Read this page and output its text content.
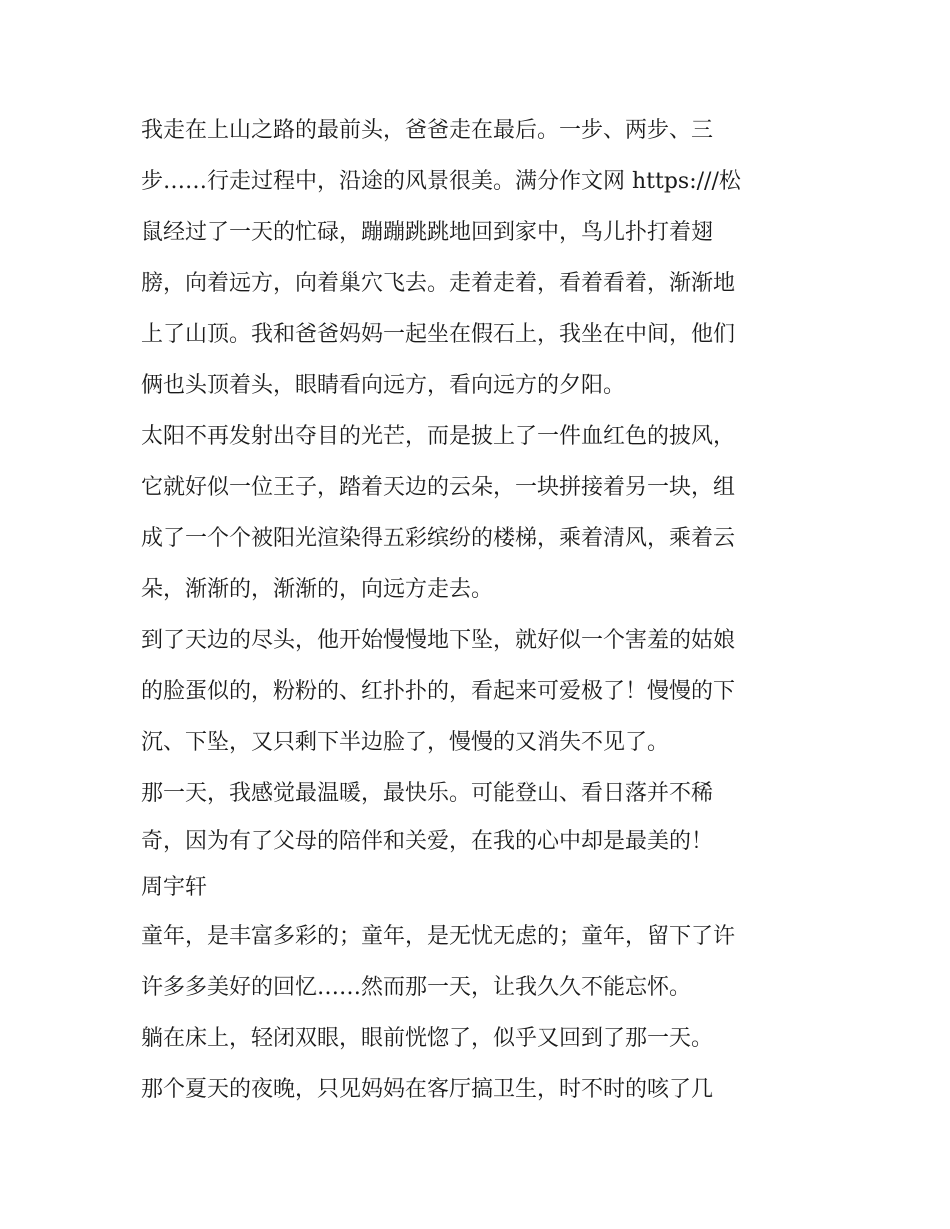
我走在上山之路的最前头，爸爸走在最后。一步、两步、三
步……行走过程中，沿途的风景很美。满分作文网 https:///松
鼠经过了一天的忙碌，蹦蹦跳跳地回到家中，鸟儿扑打着翅
膀，向着远方，向着巢穴飞去。走着走着，看着看着，渐渐地
上了山顶。我和爸爸妈妈一起坐在假石上，我坐在中间，他们
俩也头顶着头，眼睛看向远方，看向远方的夕阳。
太阳不再发射出夺目的光芒，而是披上了一件血红色的披风，
它就好似一位王子，踏着天边的云朵，一块拼接着另一块，组
成了一个个被阳光渲染得五彩缤纷的楼梯，乘着清风，乘着云
朵，渐渐的，渐渐的，向远方走去。
到了天边的尽头，他开始慢慢地下坠，就好似一个害羞的姑娘
的脸蛋似的，粉粉的、红扑扑的，看起来可爱极了！慢慢的下
沉、下坠，又只剩下半边脸了，慢慢的又消失不见了。
那一天，我感觉最温暖，最快乐。可能登山、看日落并不稀
奇，因为有了父母的陪伴和关爱，在我的心中却是最美的！
周宇轩
童年，是丰富多彩的；童年，是无忧无虑的；童年，留下了许
许多多美好的回忆……然而那一天，让我久久不能忘怀。
躺在床上，轻闭双眼，眼前恍惚了，似乎又回到了那一天。
那个夏天的夜晚，只见妈妈在客厅搞卫生，时不时的咳了几
